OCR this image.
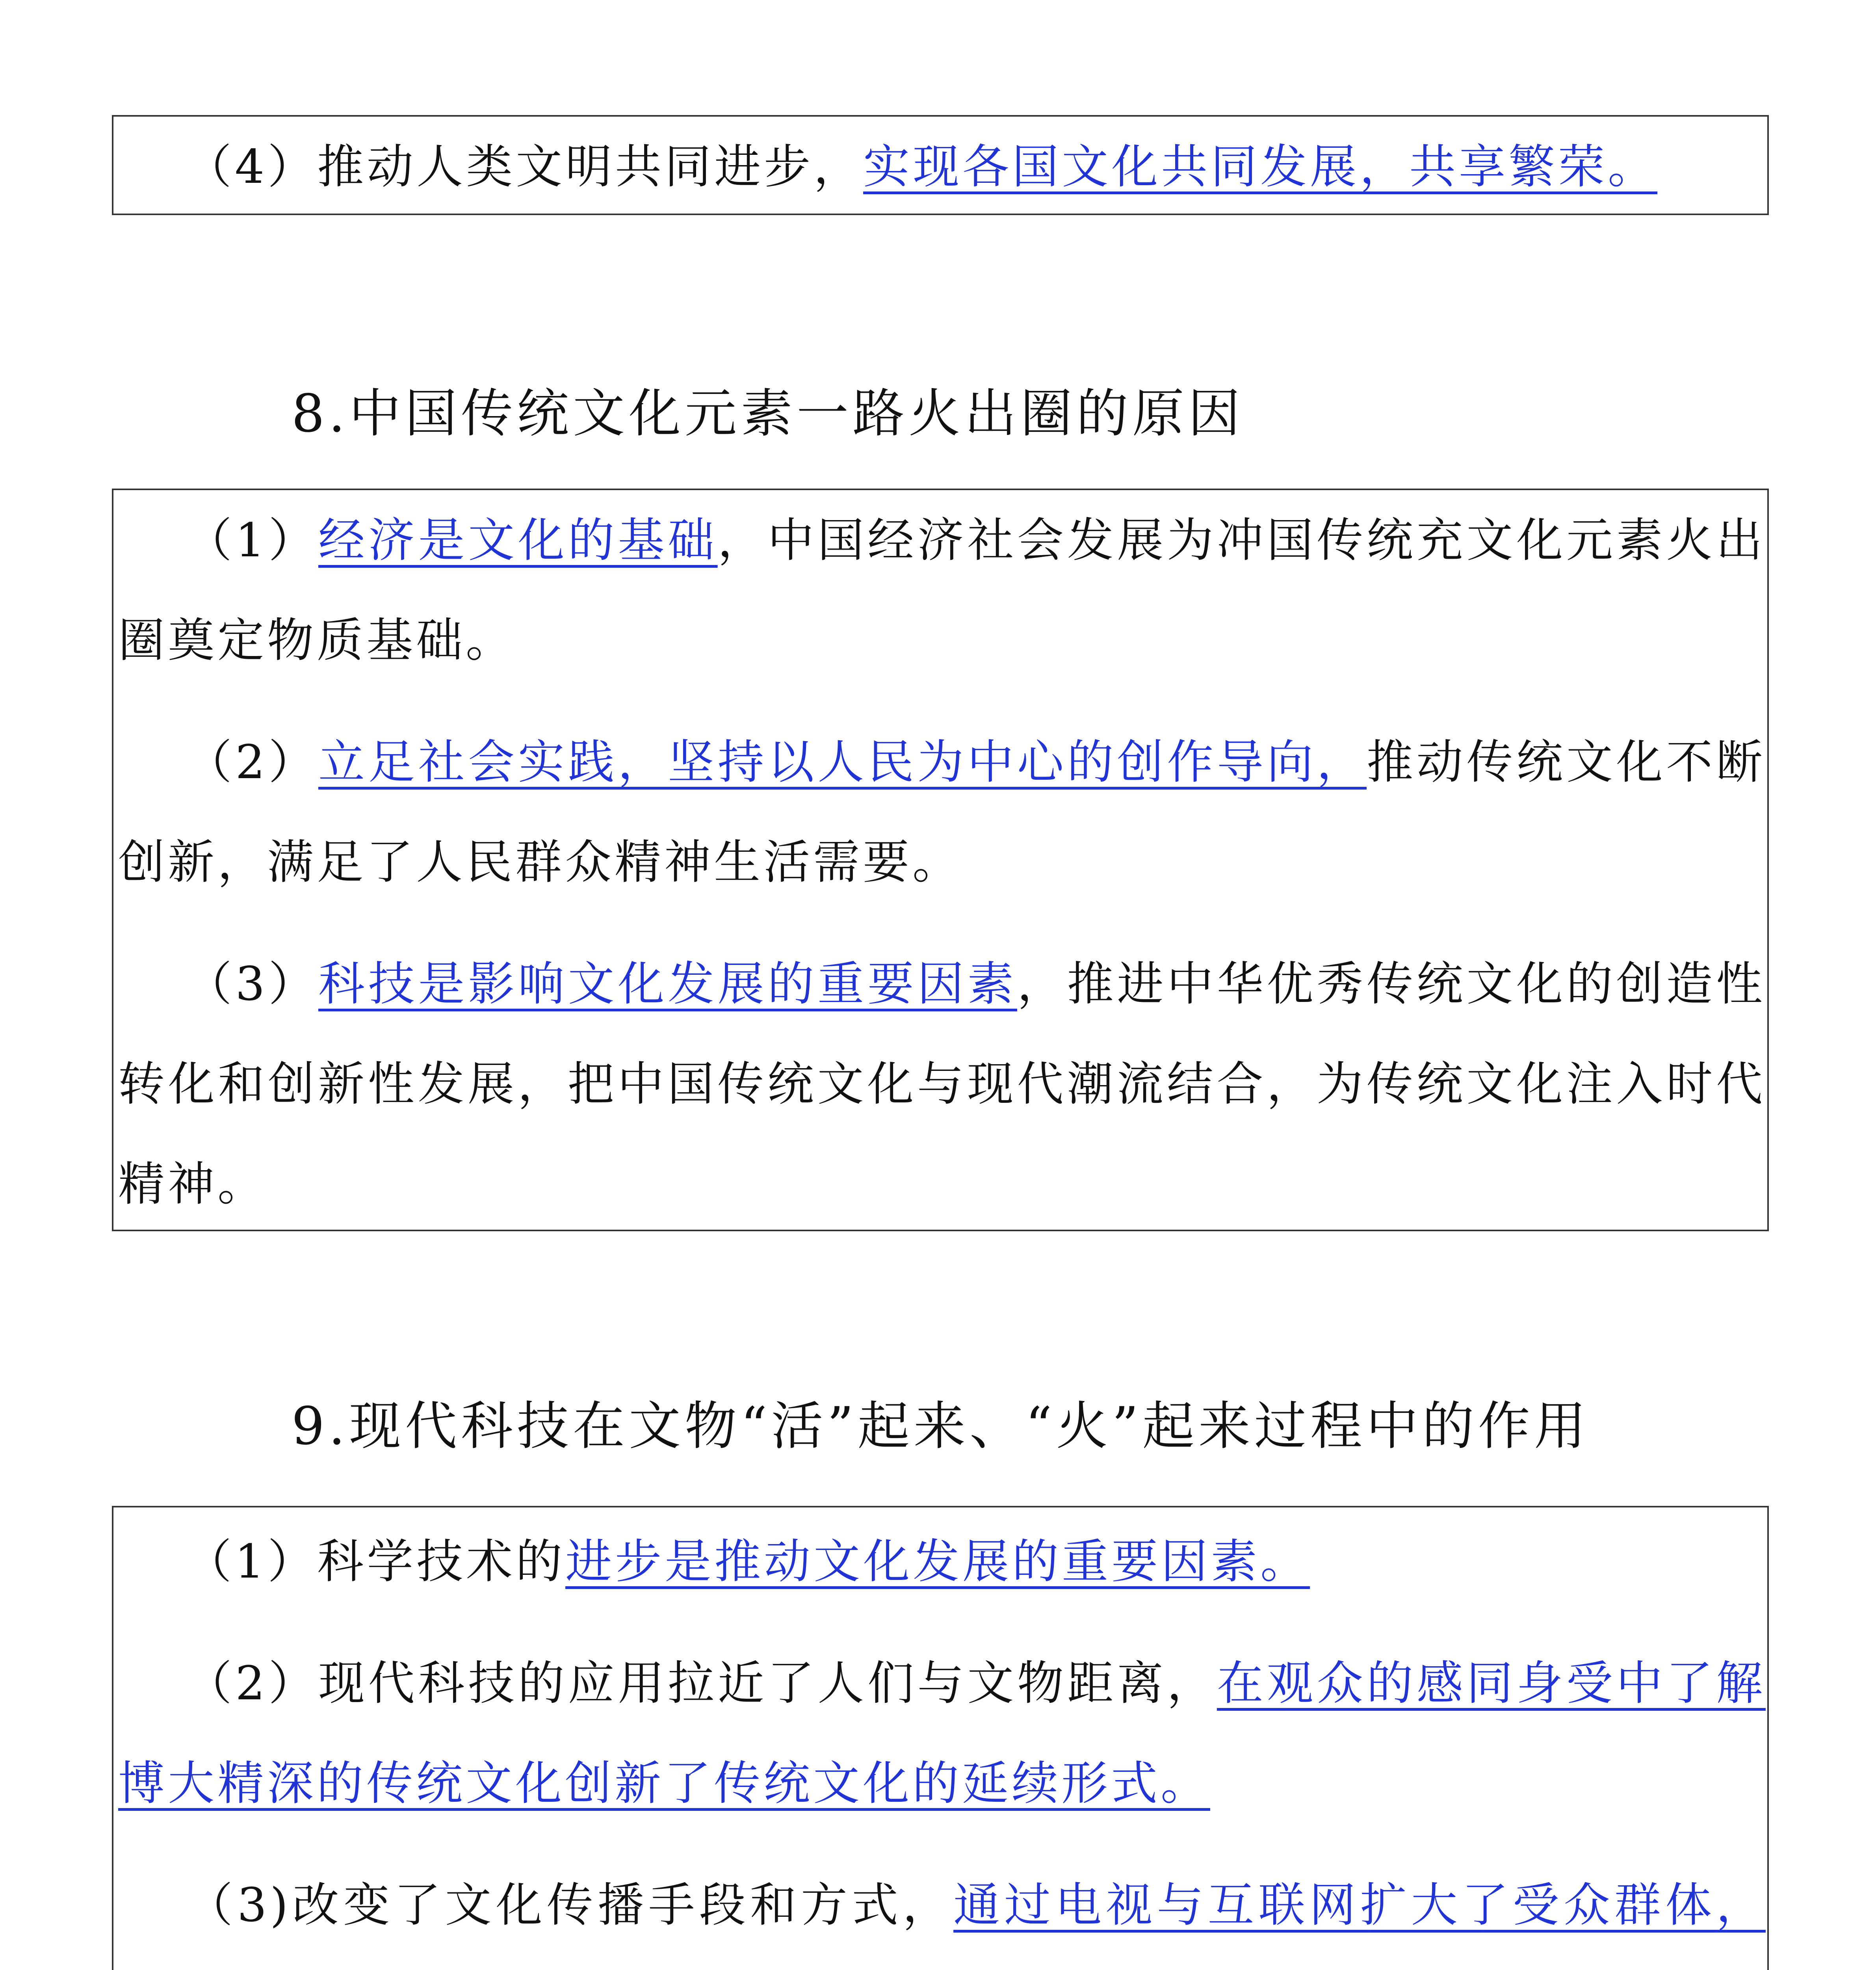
（4）推动人类文明共同进步，实现各国文化共同发展，共享繁荣。

8.中国传统文化元素一路火出圈的原因

（1）经济是文化的基础，中国经济社会发展为冲国传统充文化元素火出圈奠定物质基础。

（2）立足社会实践，坚持以人民为中心的创作导向，推动传统文化不断创新，满足了人民群众精神生活需要。

（3）科技是影响文化发展的重要因素，推进中华优秀传统文化的创造性转化和创新性发展，把中国传统文化与现代潮流结合，为传统文化注入时代精神。

9.现代科技在文物“活”起来、“火”起来过程中的作用

（1）科学技术的进步是推动文化发展的重要因素。

（2）现代科技的应用拉近了人们与文物距离，在观众的感同身受中了解博大精深的传统文化创新了传统文化的延续形式。

（3)改变了文化传播手段和方式，通过电视与互联网扩大了受众群体，
